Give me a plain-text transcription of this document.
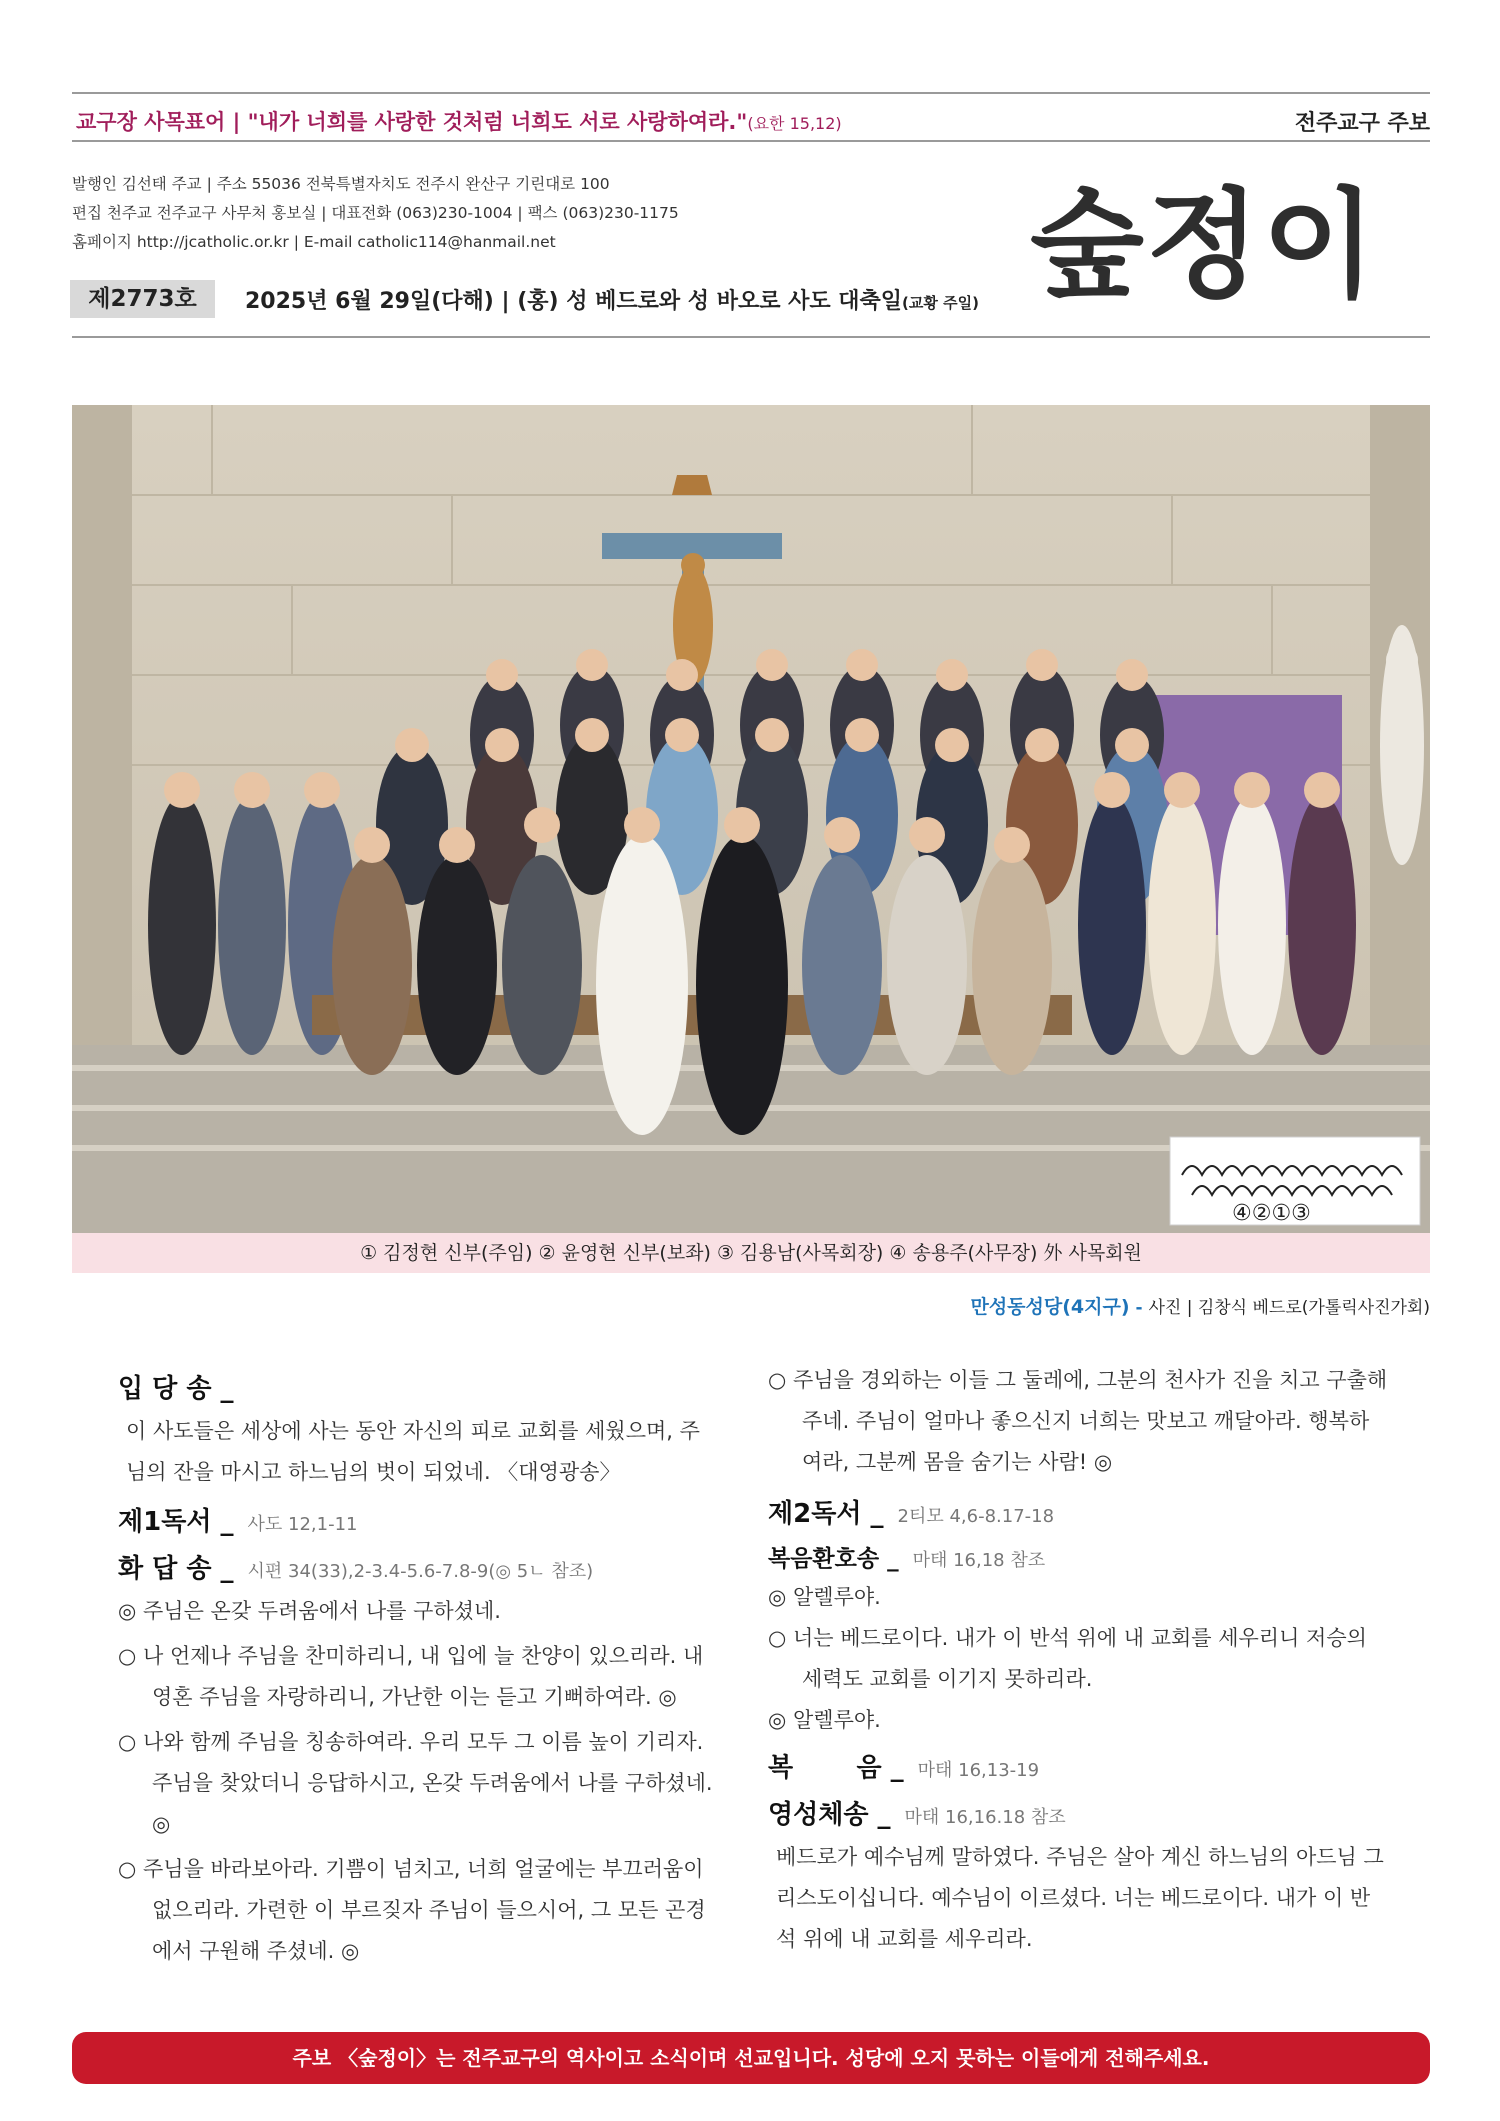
교구장 사목표어 | "내가 너희를 사랑한 것처럼 너희도 서로 사랑하여라."(요한 15,12)	전주교구 주보
발행인 김선태 주교 | 주소 55036 전북특별자치도 전주시 완산구 기린대로 100
편집 천주교 전주교구 사무처 홍보실 | 대표전화 (063)230-1004 | 팩스 (063)230-1175
홈페이지 http://jcatholic.or.kr | E-mail catholic114@hanmail.net
제2773호	2025년 6월 29일(다해) | (홍) 성 베드로와 성 바오로 사도 대축일(교황 주일) 숲정이
④②①③
① 김정현 신부(주임) ② 윤영현 신부(보좌) ③ 김용남(사목회장) ④ 송용주(사무장) 外 사목회원
만성동성당(4지구) - 사진 | 김창식 베드로(가톨릭사진가회)

입 당 송 _

이 사도들은 세상에 사는 동안 자신의 피로 교회를 세웠으며, 주님의 잔을 마시고 하느님의 벗이 되었네. 〈대영광송〉

제1독서 _ 사도 12,1-11

화 답 송 _ 시편 34(33),2-3.4-5.6-7.8-9(◎ 5ㄴ 참조)

◎ 주님은 온갖 두려움에서 나를 구하셨네.

○ 나 언제나 주님을 찬미하리니, 내 입에 늘 찬양이 있으리라. 내 영혼 주님을 자랑하리니, 가난한 이는 듣고 기뻐하여라. ◎

○ 나와 함께 주님을 칭송하여라. 우리 모두 그 이름 높이 기리자. 주님을 찾았더니 응답하시고, 온갖 두려움에서 나를 구하셨네. ◎

○ 주님을 바라보아라. 기쁨이 넘치고, 너희 얼굴에는 부끄러움이 없으리라. 가련한 이 부르짖자 주님이 들으시어, 그 모든 곤경에서 구원해 주셨네. ◎

○ 주님을 경외하는 이들 그 둘레에, 그분의 천사가 진을 치고 구출해 주네. 주님이 얼마나 좋으신지 너희는 맛보고 깨달아라. 행복하여라, 그분께 몸을 숨기는 사람! ◎

제2독서 _ 2티모 4,6-8.17-18

복음환호송 _ 마태 16,18 참조

◎ 알렐루야.

○ 너는 베드로이다. 내가 이 반석 위에 내 교회를 세우리니 저승의 세력도 교회를 이기지 못하리라.

◎ 알렐루야.

복       음 _ 마태 16,13-19

영성체송 _ 마태 16,16.18 참조

베드로가 예수님께 말하였다. 주님은 살아 계신 하느님의 아드님 그리스도이십니다. 예수님이 이르셨다. 너는 베드로이다. 내가 이 반석 위에 내 교회를 세우리라.

주보 〈숲정이〉는 전주교구의 역사이고 소식이며 선교입니다. 성당에 오지 못하는 이들에게 전해주세요.
